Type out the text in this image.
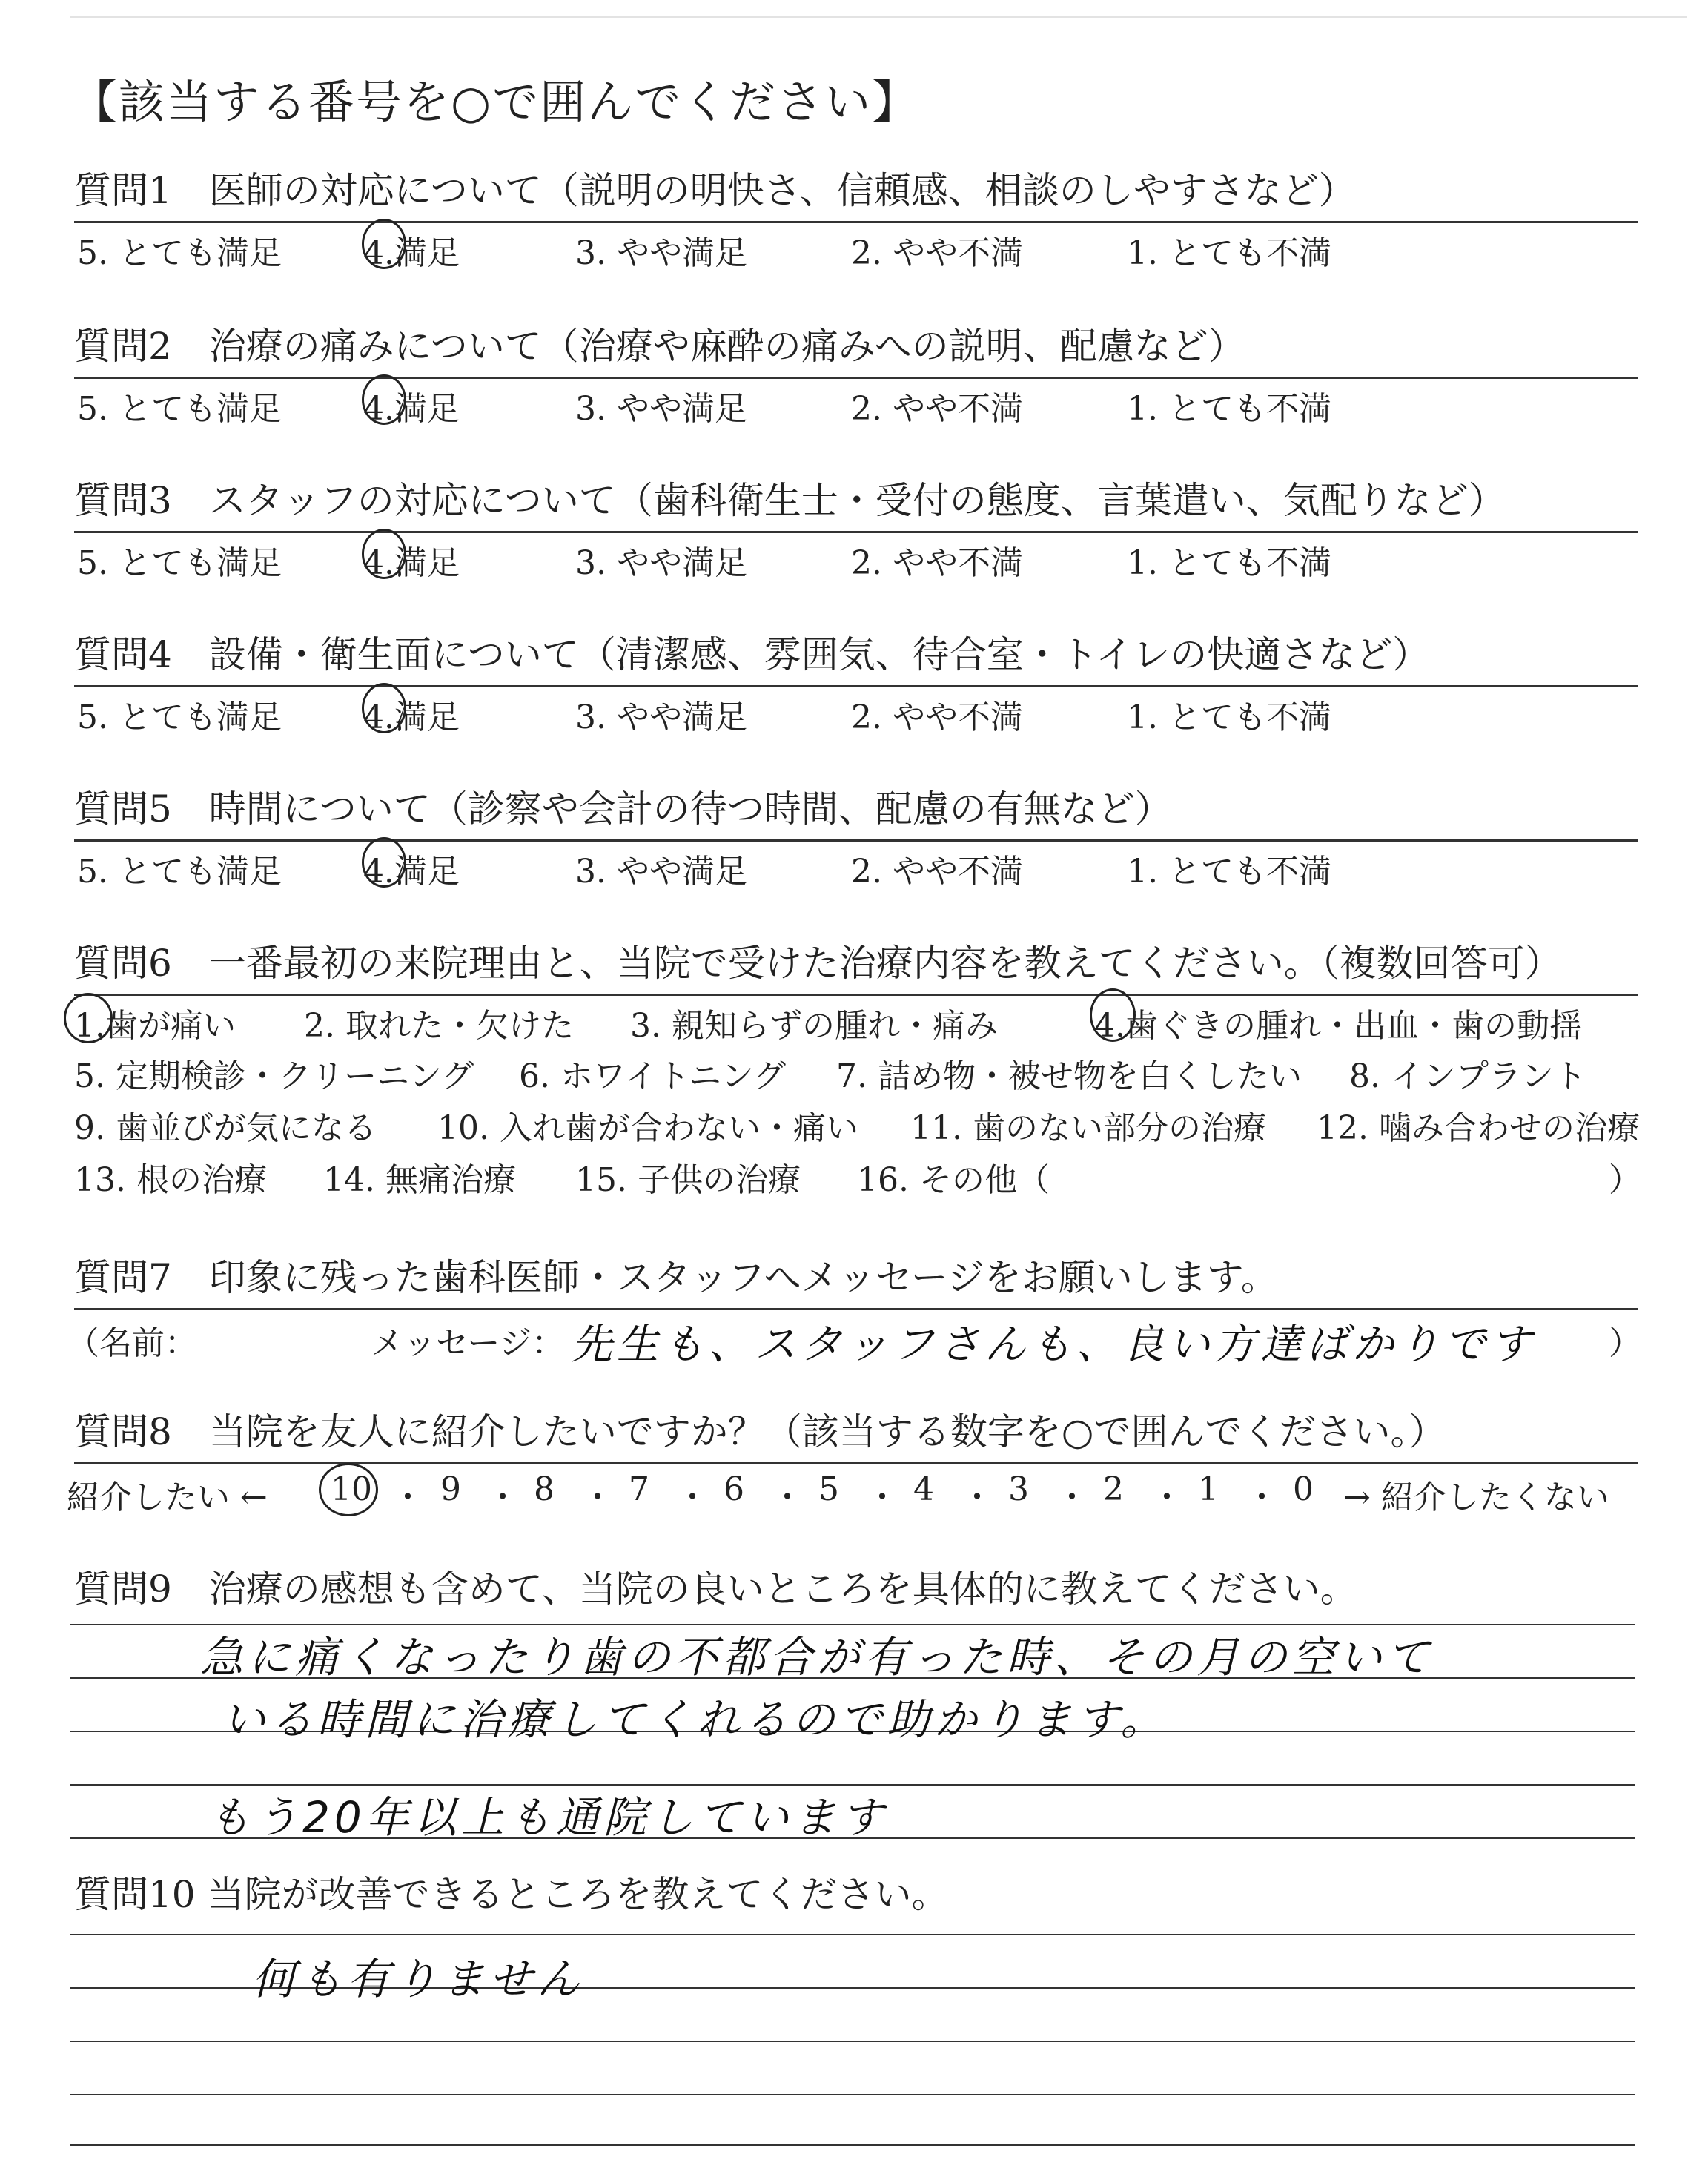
【該当する番号を○で囲んでください】
質問1　医師の対応について（説明の明快さ、信頼感、相談のしやすさなど）
5. とても満足	4.満足	3. やや満足	2. やや不満	1. とても不満
質問2　治療の痛みについて（治療や麻酔の痛みへの説明、配慮など）
5. とても満足	4.満足	3. やや満足	2. やや不満	1. とても不満
質問3　スタッフの対応について（歯科衛生士・受付の態度、言葉遣い、気配りなど）
5. とても満足	4.満足	3. やや満足	2. やや不満	1. とても不満
質問4　設備・衛生面について（清潔感、雰囲気、待合室・トイレの快適さなど）
5. とても満足	4.満足	3. やや満足	2. やや不満	1. とても不満
質問5　時間について（診察や会計の待つ時間、配慮の有無など）
5. とても満足	4.満足	3. やや満足	2. やや不満	1. とても不満
質問6　一番最初の来院理由と、当院で受けた治療内容を教えてください。（複数回答可）
1.歯が痛い 2. 取れた・欠けた 3. 親知らずの腫れ・痛み	4.歯ぐきの腫れ・出血・歯の動揺
5. 定期検診・クリーニング 6. ホワイトニング 7. 詰め物・被せ物を白くしたい 8. インプラント
9. 歯並びが気になる 10. 入れ歯が合わない・痛い 11. 歯のない部分の治療 12. 噛み合わせの治療
13. 根の治療 14. 無痛治療 15. 子供の治療 16. その他（	）
質問7　印象に残った歯科医師・スタッフへメッセージをお願いします。
（名前：	メッセージ： 先生も、スタッフさんも、良い方達ばかりです ）
質問8　当院を友人に紹介したいですか？（該当する数字を○で囲んでください。）
紹介したい ← 10 ・ 9 ・ 8 ・ 7 ・ 6 ・ 5 ・ 4 ・ 3 ・ 2 ・ 1 ・ 0 → 紹介したくない
質問9　治療の感想も含めて、当院の良いところを具体的に教えてください。
急に痛くなったり歯の不都合が有った時、その月の空いて
いる時間に治療してくれるので助かります。
もう20年以上も通院しています
質問10 当院が改善できるところを教えてください。
何も有りません
